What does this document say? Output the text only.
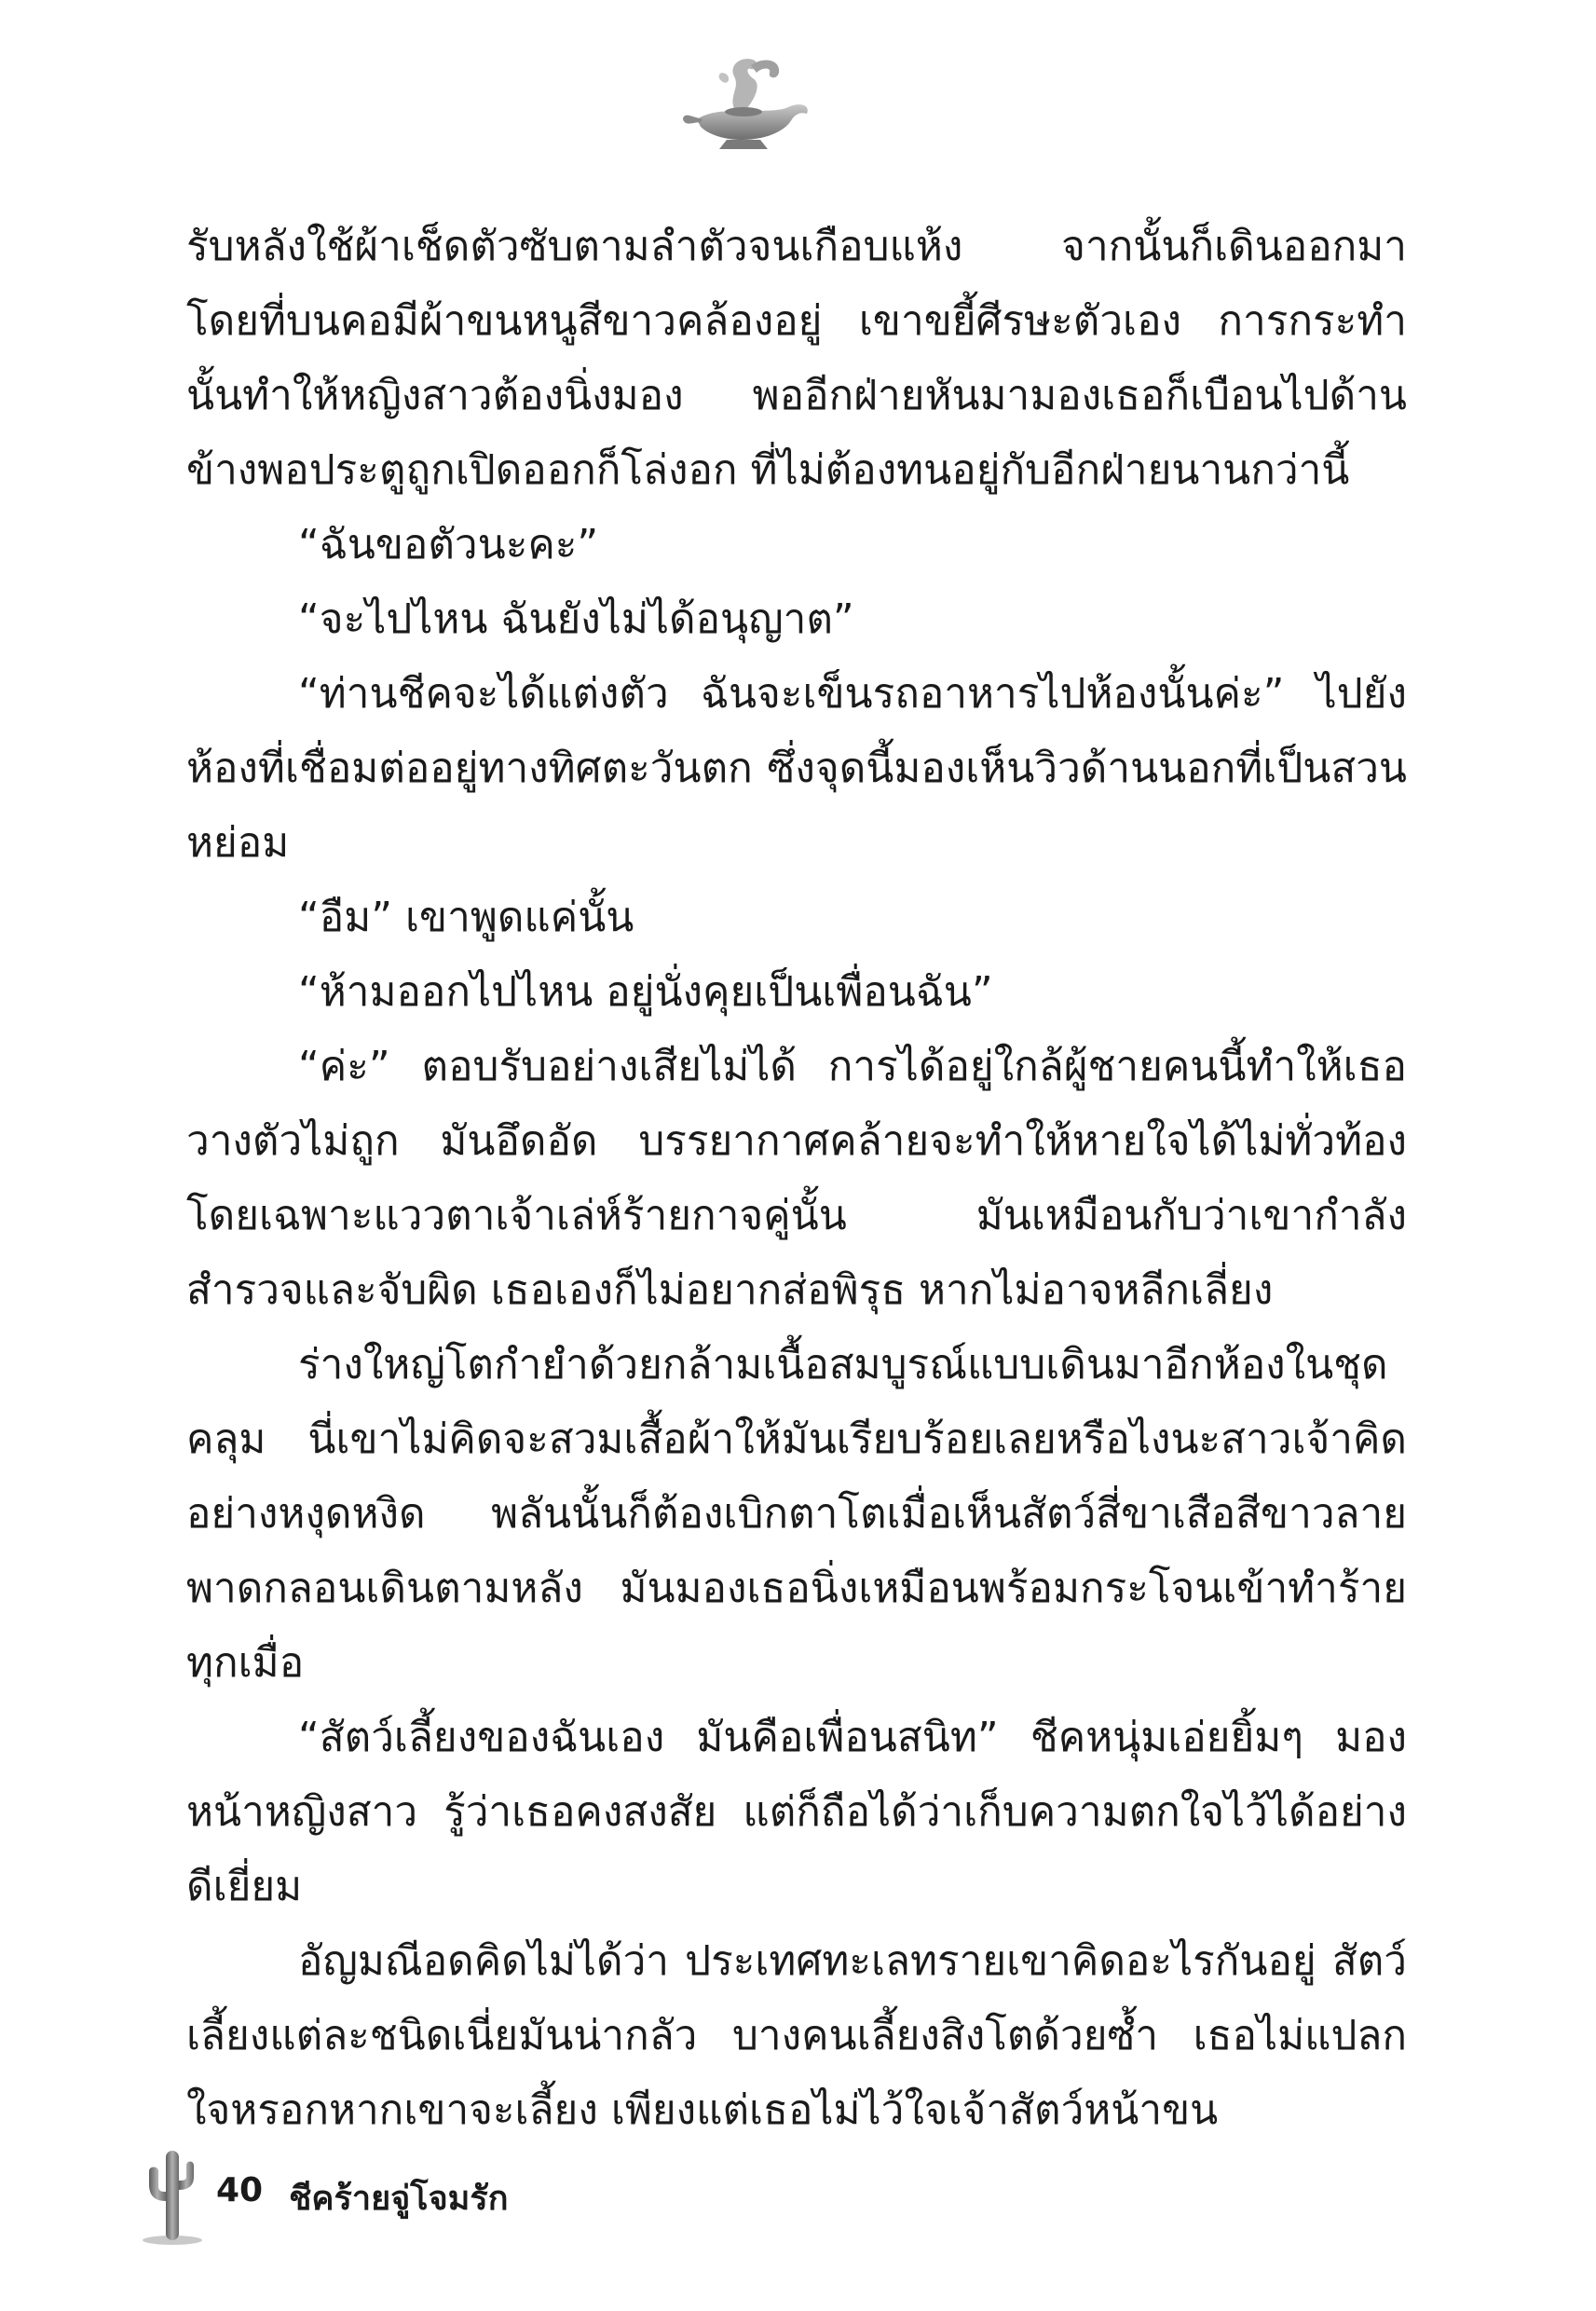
รับหลังใช้ผ้าเช็ดตัวซับตามลำตัวจนเกือบแห้ง จากนั้นก็เดินออกมาโดยที่บนคอมีผ้าขนหนูสีขาวคล้องอยู่ เขาขยี้ศีรษะตัวเอง การกระทำนั้นทำให้หญิงสาวต้องนิ่งมอง พออีกฝ่ายหันมามองเธอก็เบือนไปด้านข้างพอประตูถูกเปิดออกก็โล่งอก ที่ไม่ต้องทนอยู่กับอีกฝ่ายนานกว่านี้

“ฉันขอตัวนะคะ”

“จะไปไหน ฉันยังไม่ได้อนุญาต”

“ท่านชีคจะได้แต่งตัว ฉันจะเข็นรถอาหารไปห้องนั้นค่ะ” ไปยังห้องที่เชื่อมต่ออยู่ทางทิศตะวันตก ซึ่งจุดนี้มองเห็นวิวด้านนอกที่เป็นสวนหย่อม

“อืม” เขาพูดแค่นั้น

“ห้ามออกไปไหน อยู่นั่งคุยเป็นเพื่อนฉัน”

“ค่ะ” ตอบรับอย่างเสียไม่ได้ การได้อยู่ใกล้ผู้ชายคนนี้ทำให้เธอวางตัวไม่ถูก มันอึดอัด บรรยากาศคล้ายจะทำให้หายใจได้ไม่ทั่วท้องโดยเฉพาะแววตาเจ้าเล่ห์ร้ายกาจคู่นั้น มันเหมือนกับว่าเขากำลังสำรวจและจับผิด เธอเองก็ไม่อยากส่อพิรุธ หากไม่อาจหลีกเลี่ยง

ร่างใหญ่โตกำยำด้วยกล้ามเนื้อสมบูรณ์แบบเดินมาอีกห้องในชุดคลุม นี่เขาไม่คิดจะสวมเสื้อผ้าให้มันเรียบร้อยเลยหรือไงนะสาวเจ้าคิดอย่างหงุดหงิด พลันนั้นก็ต้องเบิกตาโตเมื่อเห็นสัตว์สี่ขาเสือสีขาวลายพาดกลอนเดินตามหลัง มันมองเธอนิ่งเหมือนพร้อมกระโจนเข้าทำร้ายทุกเมื่อ

“สัตว์เลี้ยงของฉันเอง มันคือเพื่อนสนิท” ชีคหนุ่มเอ่ยยิ้มๆ มองหน้าหญิงสาว รู้ว่าเธอคงสงสัย แต่ก็ถือได้ว่าเก็บความตกใจไว้ได้อย่างดีเยี่ยม

อัญมณีอดคิดไม่ได้ว่า ประเทศทะเลทรายเขาคิดอะไรกันอยู่ สัตว์เลี้ยงแต่ละชนิดเนี่ยมันน่ากลัว บางคนเลี้ยงสิงโตด้วยซ้ำ เธอไม่แปลกใจหรอกหากเขาจะเลี้ยง เพียงแต่เธอไม่ไว้ใจเจ้าสัตว์หน้าขน

40 ชีคร้ายจู่โจมรัก
